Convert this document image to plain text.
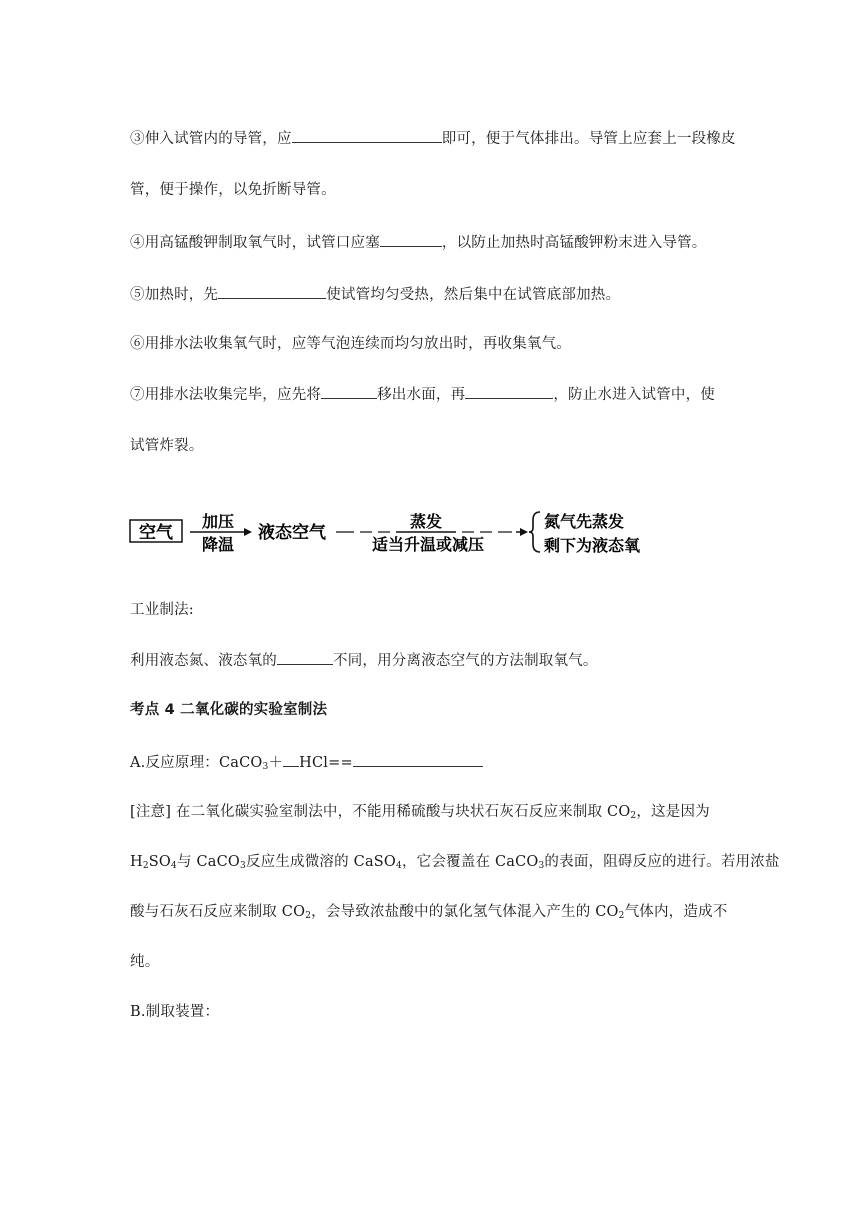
③伸入试管内的导管，应	即可，便于气体排出。导管上应套上一段橡皮
管，便于操作，以免折断导管。
④用高锰酸钾制取氧气时，试管口应塞	，以防止加热时高锰酸钾粉末进入导管。
⑤加热时，先	使试管均匀受热，然后集中在试管底部加热。
⑥用排水法收集氧气时，应等气泡连续而均匀放出时，再收集氧气。
⑦用排水法收集完毕，应先将	移出水面，再	，防止水进入试管中，使
试管炸裂。
空气
加压
降温
液态空气
蒸发
适当升温或减压
氮气先蒸发
剩下为液态氧
工业制法:
利用液态氮、液态氧的	不同，用分离液态空气的方法制取氧气。
考点 4 二氧化碳的实验室制法
A.反应原理：CaCO$_3$＋ HCl==
[注意] 在二氧化碳实验室制法中，不能用稀硫酸与块状石灰石反应来制取 $CO_2$，这是因为
$H_2SO_4$与 CaCO$_3$反应生成微溶的 CaSO$_4$，它会覆盖在 CaCO$_3$的表面，阻碍反应的进行。若用浓盐
酸与石灰石反应来制取 $CO_2$，会导致浓盐酸中的氯化氢气体混入产生的 $CO_2$气体内，造成不
纯。
B.制取装置：
